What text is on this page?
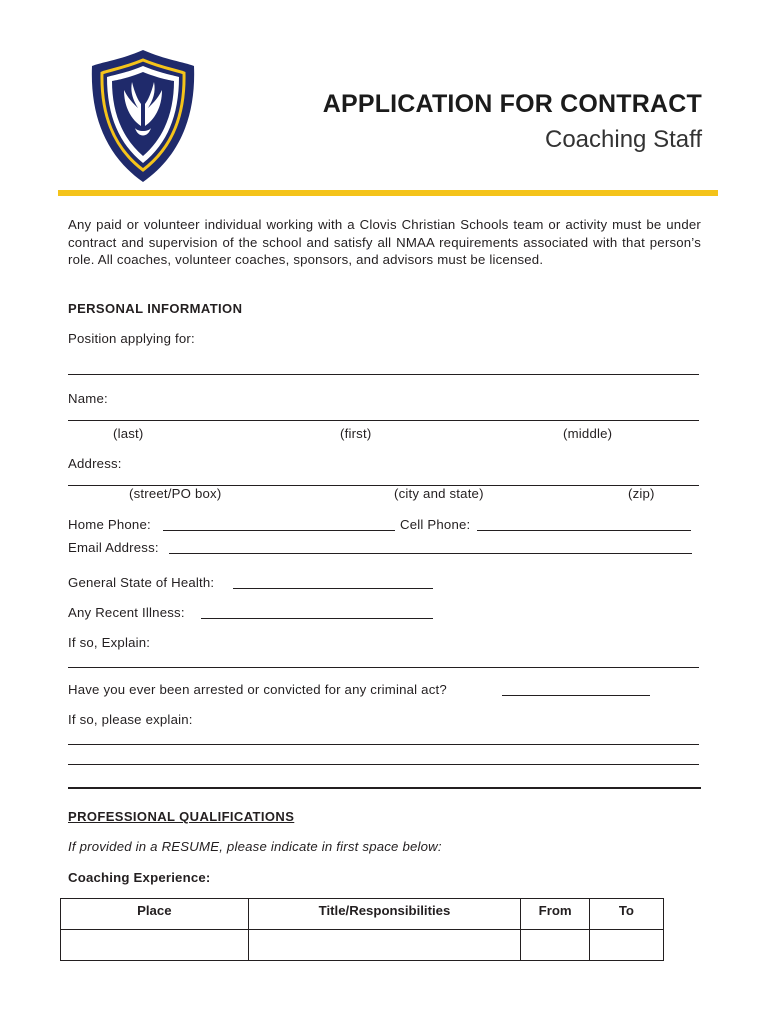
APPLICATION FOR CONTRACT
Coaching Staff
Any paid or volunteer individual working with a Clovis Christian Schools team or activity must be under contract and supervision of the school and satisfy all NMAA requirements associated with that person’s role. All coaches, volunteer coaches, sponsors, and advisors must be licensed.
PERSONAL INFORMATION
Position applying for:
Name:
(last)	(first)	(middle)
Address:
(street/PO box)	(city and state)	(zip)
Home Phone:	Cell Phone:
Email Address:
General State of Health:
Any Recent Illness:
If so, Explain:
Have you ever been arrested or convicted for any criminal act?
If so, please explain:
PROFESSIONAL QUALIFICATIONS
If provided in a RESUME, please indicate in first space below:
Coaching Experience:
Place	Title/Responsibilities	From	To
